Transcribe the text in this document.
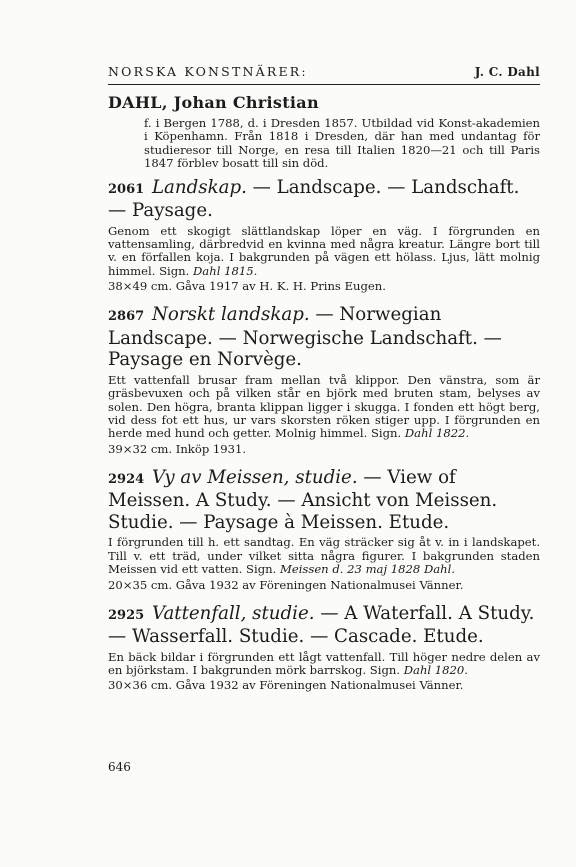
NORSKA KONSTNÄRER:	J. C. Dahl
DAHL, Johan Christian
f. i Bergen 1788, d. i Dresden 1857. Utbildad vid Konst-akademien i Köpenhamn. Från 1818 i Dresden, där han med undantag för studieresor till Norge, en resa till Italien 1820—21 och till Paris 1847 förblev bosatt till sin död.
2061 Landskap. — Landscape. — Landschaft. — Paysage.
Genom ett skogigt slättlandskap löper en väg. I förgrunden en vattensamling, därbredvid en kvinna med några kreatur. Längre bort till v. en förfallen koja. I bakgrunden på vägen ett hölass. Ljus, lätt molnig himmel. Sign. Dahl 1815.
38×49 cm. Gåva 1917 av H. K. H. Prins Eugen.
2867 Norskt landskap. — Norwegian Landscape. — Norwegische Landschaft. — Paysage en Norvège.
Ett vattenfall brusar fram mellan två klippor. Den vänstra, som är gräsbevuxen och på vilken står en björk med bruten stam, belyses av solen. Den högra, branta klippan ligger i skugga. I fonden ett högt berg, vid dess fot ett hus, ur vars skorsten röken stiger upp. I förgrunden en herde med hund och getter. Molnig himmel. Sign. Dahl 1822.
39×32 cm. Inköp 1931.
2924 Vy av Meissen, studie. — View of Meissen. A Study. — Ansicht von Meissen. Studie. — Paysage à Meissen. Etude.
I förgrunden till h. ett sandtag. En väg sträcker sig åt v. in i landskapet. Till v. ett träd, under vilket sitta några figurer. I bakgrunden staden Meissen vid ett vatten. Sign. Meissen d. 23 maj 1828 Dahl.
20×35 cm. Gåva 1932 av Föreningen Nationalmusei Vänner.
2925 Vattenfall, studie. — A Waterfall. A Study. — Wasserfall. Studie. — Cascade. Etude.
En bäck bildar i förgrunden ett lågt vattenfall. Till höger nedre delen av en björkstam. I bakgrunden mörk barrskog. Sign. Dahl 1820.
30×36 cm. Gåva 1932 av Föreningen Nationalmusei Vänner.
646
